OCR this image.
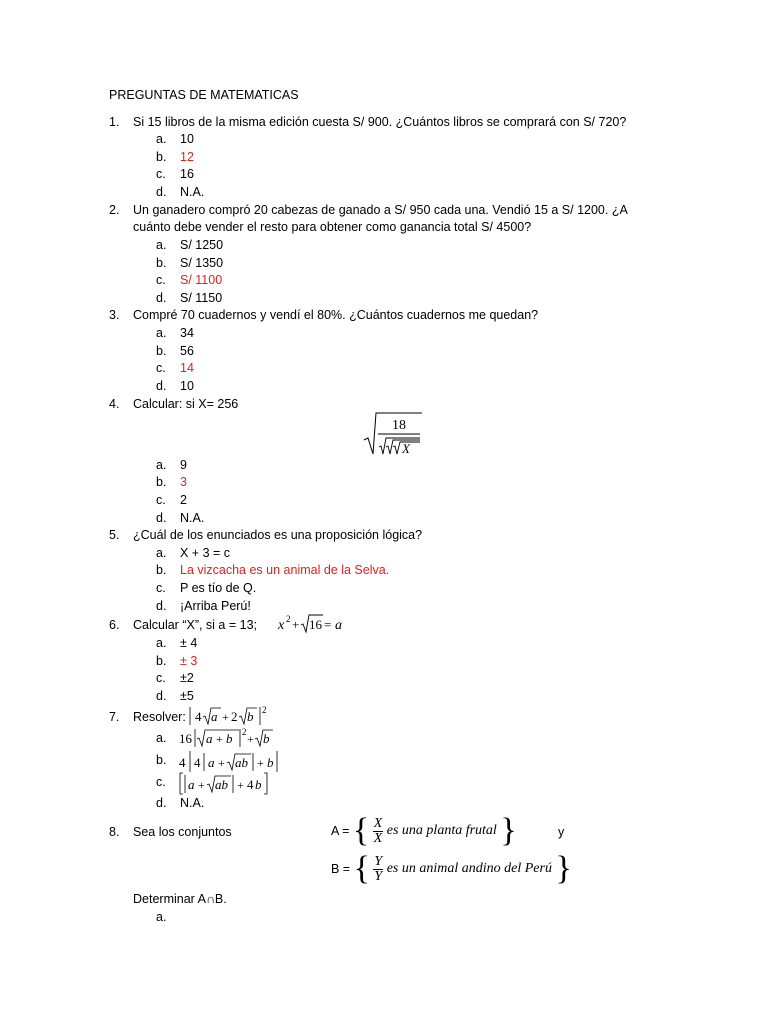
PREGUNTAS DE MATEMATICAS
1. Si 15 libros de la misma edición cuesta S/ 900. ¿Cuántos libros se comprará con S/ 720?
a. 10
b. 12
c. 16
d. N.A.
2. Un ganadero compró 20 cabezas de ganado a S/ 950 cada una. Vendió 15 a S/ 1200. ¿A
cuánto debe vender el resto para obtener como ganancia total S/ 4500?
a. S/ 1250
b. S/ 1350
c. S/ 1100
d. S/ 1150
3. Compré 70 cuadernos y vendí el 80%. ¿Cuántos cuadernos me quedan?
a. 34
b. 56
c. 14
d. 10
4. Calcular: si X= 256
18
X
a. 9
b. 3
c. 2
d. N.A.
5. ¿Cuál de los enunciados es una proposición lógica?
a. X + 3 = c
b. La vizcacha es un animal de la Selva.
c. P es tío de Q.
d. ¡Arriba Perú!
6. Calcular “X”, si a = 13; x 2 + 16 = a
a. ± 4
b. ± 3
c. ±2
d. ±5
7. Resolver: 4 a + 2 b 2
a. 16 a + b 2 + b
b. 4 4 a + ab + b
c. a + ab + 4 b
d. N.A.
8. Sea los conjuntos	A = { $\frac{X}{X}$ es una planta frutal }	y
B = { $\frac{Y}{Y}$ es un animal andino del Perú }
Determinar A∩B.
a.
